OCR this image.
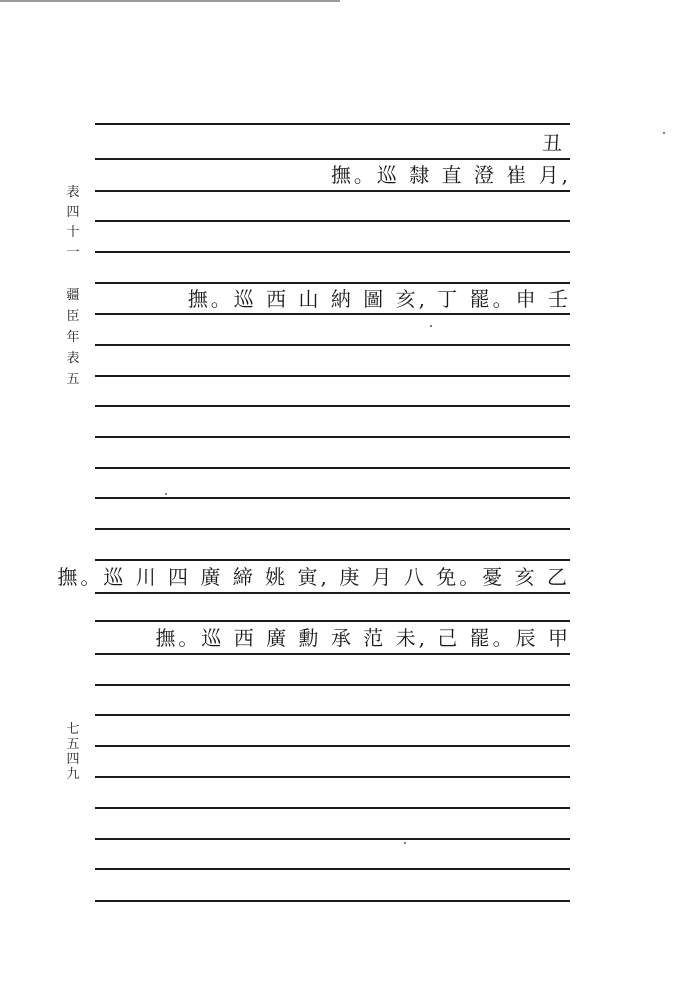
表
四
十
一
疆
臣
年
表
五
七
五
四
九
丑
撫。巡 隸 直 澄 崔 月,
撫。巡 西 山 納 圖 亥, 丁 罷。申 壬
撫。巡 川 四 廣 締 姚 寅, 庚 月 八 免。憂 亥 乙
撫。巡 西 廣 勳 承 范 未, 己 罷。辰 甲
